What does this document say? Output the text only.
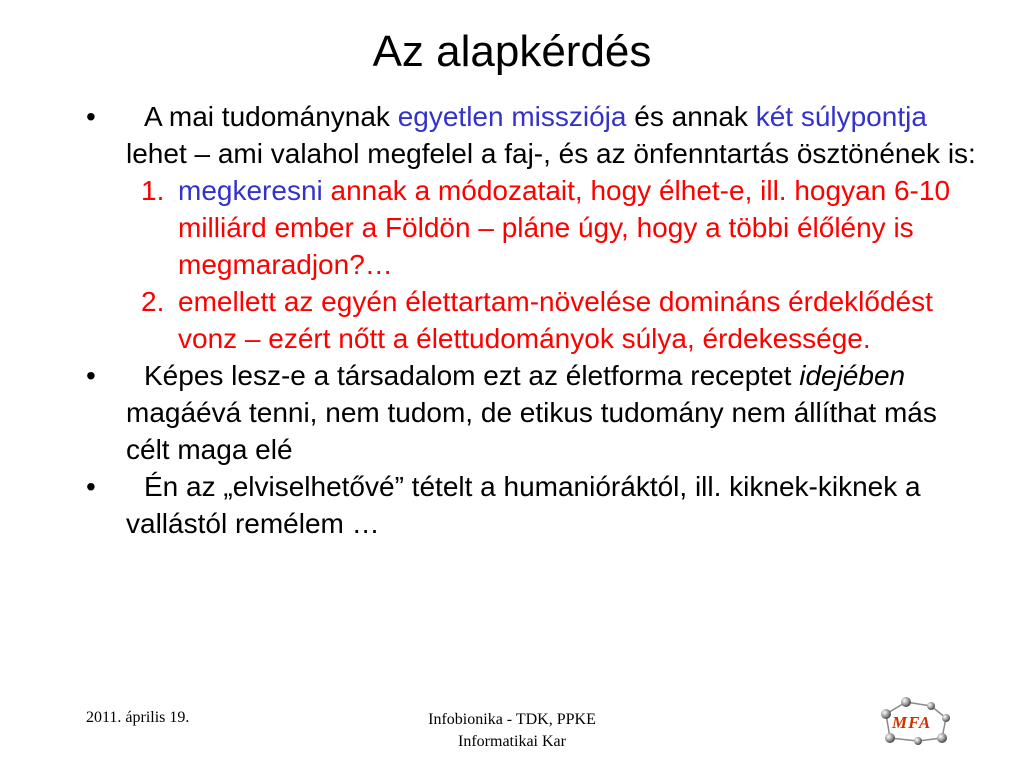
Az alapkérdés

• A mai tudománynak egyetlen missziója és annak két súlypontja lehet – ami valahol megfelel a faj-, és az önfenntartás ösztönének is:

1. megkeresni annak a módozatait, hogy élhet-e, ill. hogyan 6-10 milliárd ember a Földön – pláne úgy, hogy a többi élőlény is megmaradjon?…

2. emellett az egyén élettartam-növelése domináns érdeklődést vonz – ezért nőtt a élettudományok súlya, érdekessége.

• Képes lesz-e a társadalom ezt az életforma receptet idejében magáévá tenni, nem tudom, de etikus tudomány nem állíthat más célt maga elé

• Én az „elviselhetővé” tételt a humanióráktól, ill. kiknek-kiknek a vallástól remélem …

2011. április 19.	Infobionika - TDK, PPKE
Informatikai Kar
MFA
